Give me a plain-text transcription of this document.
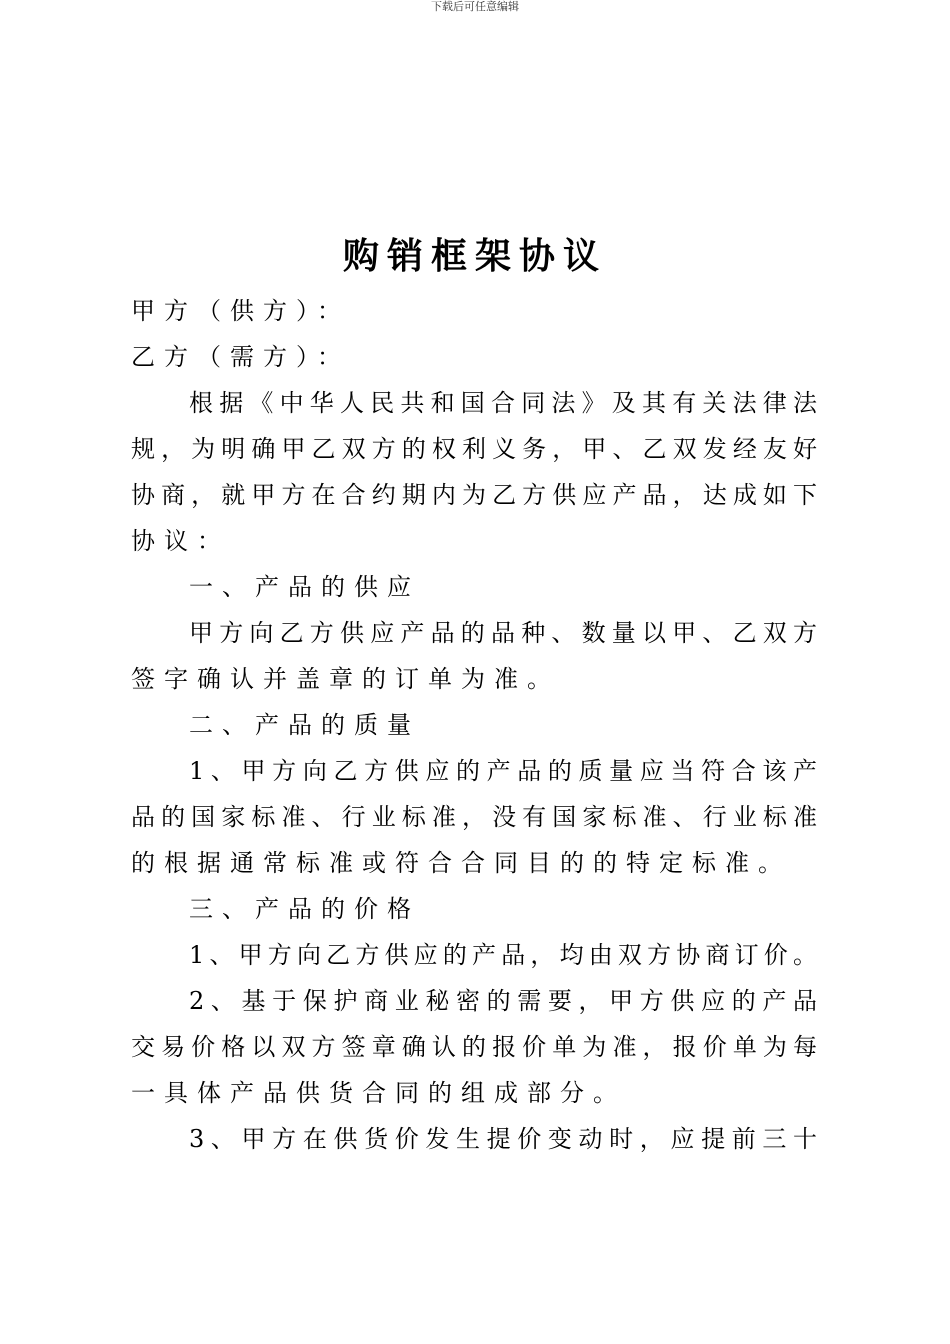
下载后可任意编辑
购销框架协议
甲方（供方）：
乙方（需方）：
根据《中华人民共和国合同法》及其有关法律法
规，为明确甲乙双方的权利义务，甲、乙双发经友好
协商，就甲方在合约期内为乙方供应产品，达成如下
协议：
一、产品的供应
甲方向乙方供应产品的品种、数量以甲、乙双方
签字确认并盖章的订单为准。
二、产品的质量
1、甲方向乙方供应的产品的质量应当符合该产
品的国家标准、行业标准，没有国家标准、行业标准
的根据通常标准或符合合同目的的特定标准。
三、产品的价格
1、甲方向乙方供应的产品，均由双方协商订价。
2、基于保护商业秘密的需要，甲方供应的产品
交易价格以双方签章确认的报价单为准，报价单为每
一具体产品供货合同的组成部分。
3、甲方在供货价发生提价变动时，应提前三十
